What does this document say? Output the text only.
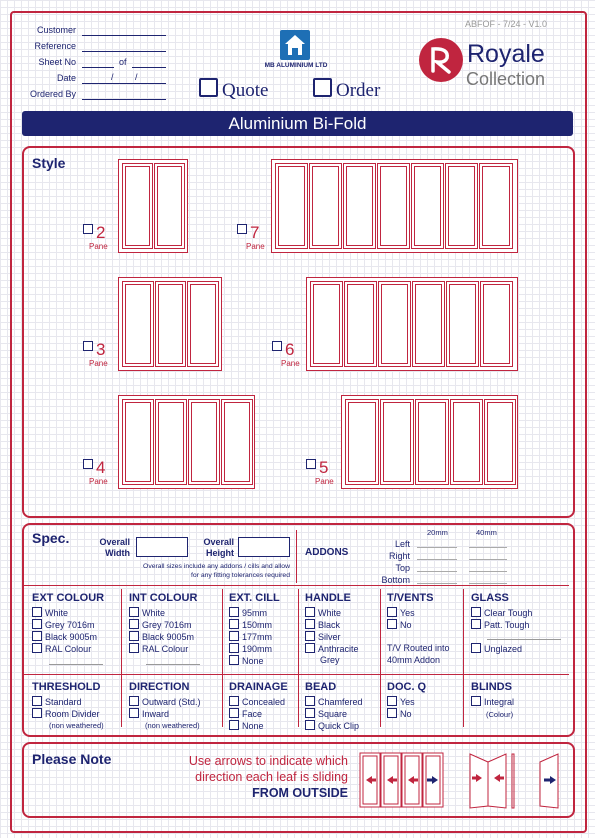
Customer
Reference
Sheet No	of
Date	/ /
Ordered By
MB ALUMINIUM LTD
Quote	Order
ABFOF - 7/24 - V1.0
Royale
Collection
Aluminium Bi-Fold
Style
2
Pane
7
Pane
3
Pane
6
Pane
4
Pane
5
Pane
Spec.	Overall Width
Overall Height
Overall sizes include any addons / cills and allow
for any fitting tolerances required
ADDONS
20mm	40mm
Left
Right
Top
Bottom
EXT COLOUR
White
Grey 7016m
Black 9005m
RAL Colour
INT COLOUR
White
Grey 7016m
Black 9005m
RAL Colour
EXT. CILL
95mm
150mm
177mm
190mm
None
HANDLE
White
Black
Silver
Anthracite
Grey
T/VENTS
Yes
No
T/V Routed into
40mm Addon
GLASS
Clear Tough
Patt. Tough
Unglazed
THRESHOLD
Standard
Room Divider
(non weathered)
DIRECTION
Outward (Std.)
Inward
(non weathered)
DRAINAGE
Concealed
Face
None
BEAD
Chamfered
Square
Quick Clip
DOC. Q
Yes
No
BLINDS
Integral
(Colour)
Please Note	Use arrows to indicate which
direction each leaf is sliding
FROM OUTSIDE
